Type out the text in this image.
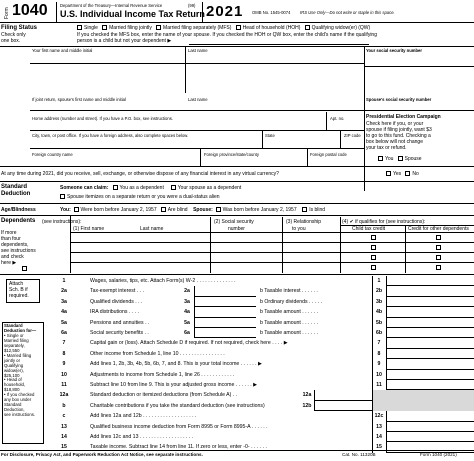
Form 1040	Department of the Treasury—Internal Revenue Service	(99)
U.S. Individual Income Tax Return 2021 OMB No. 1545-0074 IRS Use Only—Do not write or staple in this space.
Filing Status
Check only
one box.
Single Married filing jointly Married filing separately (MFS) Head of household (HOH) Qualifying widow(er) (QW)
If you checked the MFS box, enter the name of your spouse. If you checked the HOH or QW box, enter the child's name if the qualifying
person is a child but not your dependent ▶
Your first name and middle initial	Last name	Your social security number
If joint return, spouse's first name and middle initial	Last name	Spouse's social security number
Home address (number and street). If you have a P.O. box, see instructions.	Apt. no.
City, town, or post office. If you have a foreign address, also complete spaces below.	State	ZIP code
Foreign country name	Foreign province/state/county	Foreign postal code
Presidential Election Campaign
Check here if you, or your
spouse if filing jointly, want $3
to go to this fund. Checking a
box below will not change
your tax or refund.
You Spouse
At any time during 2021, did you receive, sell, exchange, or otherwise dispose of any financial interest in any virtual currency?	Yes No
Standard
Deduction
Someone can claim: You as a dependent	Your spouse as a dependent
Spouse itemizes on a separate return or you were a dual-status alien
Age/Blindness	You: Were born before January 2, 1957 Are blind Spouse: Was born before January 2, 1957	Is blind
Dependents (see instructions):
If more
than four
dependents,
see instructions
and check
here ▶
(1) First name	Last name
(2) Social security
number
(3) Relationship
to you
(4) ✔ if qualifies for (see instructions):
Child tax credit	Credit for other dependents
Attach
Sch. B if
required.
Standard
Deduction for—
• Single or
Married filing
separately,
$12,550
• Married filing
jointly or
Qualifying
widow(er),
$25,100
• Head of
household,
$18,800
• If you checked
any box under
Standard
Deduction,
see instructions.
1	Wages, salaries, tips, etc. Attach Form(s) W-2 . . . . . . . . . . . . . .	1
2a	Tax-exempt interest . . .	2a	b Taxable interest . . . . . .	2b
3a	Qualified dividends . . .	3a	b Ordinary dividends . . . . .	3b
4a	IRA distributions . . . .	4a	b Taxable amount . . . . . .	4b
5a	Pensions and annuities . .	5a	b Taxable amount . . . . . .	5b
6a	Social security benefits . .	6a	b Taxable amount . . . . . .	6b
7	Capital gain or (loss). Attach Schedule D if required. If not required, check here . . . . ▶	7
8	Other income from Schedule 1, line 10 . . . . . . . . . . . . . . . .	8
9	Add lines 1, 2b, 3b, 4b, 5b, 6b, 7, and 8. This is your total income . . . . . . ▶	9
10	Adjustments to income from Schedule 1, line 26 . . . . . . . . . . . .	10
11	Subtract line 10 from line 9. This is your adjusted gross income . . . . . . ▶	11
12a	Standard deduction or itemized deductions (from Schedule A) . .	12a
b	Charitable contributions if you take the standard deduction (see instructions)	12b
c	Add lines 12a and 12b . . . . . . . . . . . . . . . . . . .	12c
13	Qualified business income deduction from Form 8995 or Form 8995-A . . . . . .	13
14	Add lines 12c and 13 . . . . . . . . . . . . . . . . . . .	14
15	Taxable income. Subtract line 14 from line 11. If zero or less, enter -0- . . . . . .	15
For Disclosure, Privacy Act, and Paperwork Reduction Act Notice, see separate instructions.	Cat. No. 11320B	Form 1040 (2021)
